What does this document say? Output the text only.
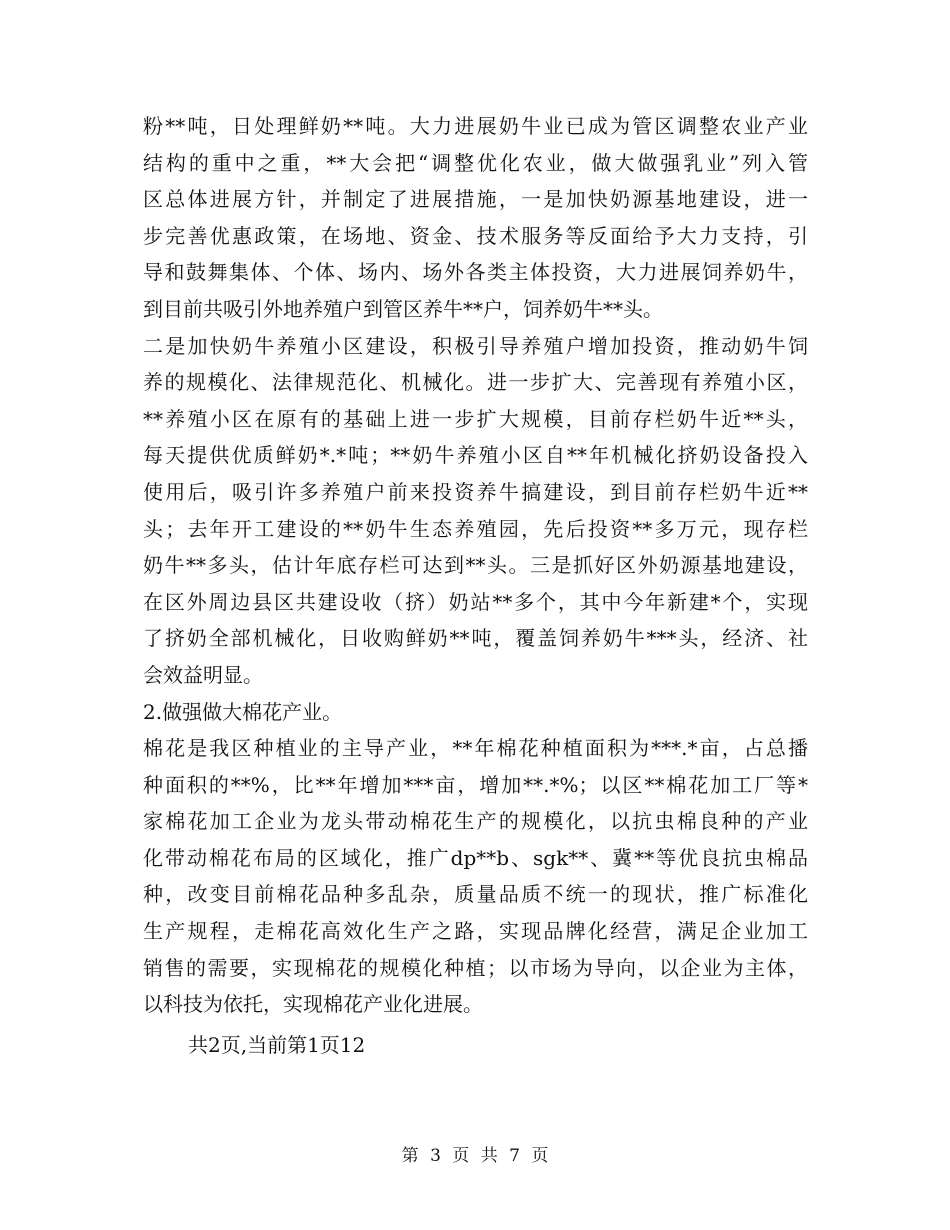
粉**吨，日处理鲜奶**吨。大力进展奶牛业已成为管区调整农业产业
结构的重中之重，**大会把“调整优化农业，做大做强乳业”列入管
区总体进展方针，并制定了进展措施，一是加快奶源基地建设，进一
步完善优惠政策，在场地、资金、技术服务等反面给予大力支持，引
导和鼓舞集体、个体、场内、场外各类主体投资，大力进展饲养奶牛，
到目前共吸引外地养殖户到管区养牛**户，饲养奶牛**头。
二是加快奶牛养殖小区建设，积极引导养殖户增加投资，推动奶牛饲
养的规模化、法律规范化、机械化。进一步扩大、完善现有养殖小区，
**养殖小区在原有的基础上进一步扩大规模，目前存栏奶牛近**头，
每天提供优质鲜奶*.*吨；**奶牛养殖小区自**年机械化挤奶设备投入
使用后，吸引许多养殖户前来投资养牛搞建设，到目前存栏奶牛近**
头；去年开工建设的**奶牛生态养殖园，先后投资**多万元，现存栏
奶牛**多头，估计年底存栏可达到**头。三是抓好区外奶源基地建设，
在区外周边县区共建设收（挤）奶站**多个，其中今年新建*个，实现
了挤奶全部机械化，日收购鲜奶**吨，覆盖饲养奶牛***头，经济、社
会效益明显。
2.做强做大棉花产业。
棉花是我区种植业的主导产业，**年棉花种植面积为***.*亩，占总播
种面积的**%，比**年增加***亩，增加**.*%；以区**棉花加工厂等*
家棉花加工企业为龙头带动棉花生产的规模化，以抗虫棉良种的产业
化带动棉花布局的区域化，推广dp**b、sgk**、冀**等优良抗虫棉品
种，改变目前棉花品种多乱杂，质量品质不统一的现状，推广标准化
生产规程，走棉花高效化生产之路，实现品牌化经营，满足企业加工
销售的需要，实现棉花的规模化种植；以市场为导向，以企业为主体，
以科技为依托，实现棉花产业化进展。
共2页,当前第1页12
第 3 页 共 7 页
